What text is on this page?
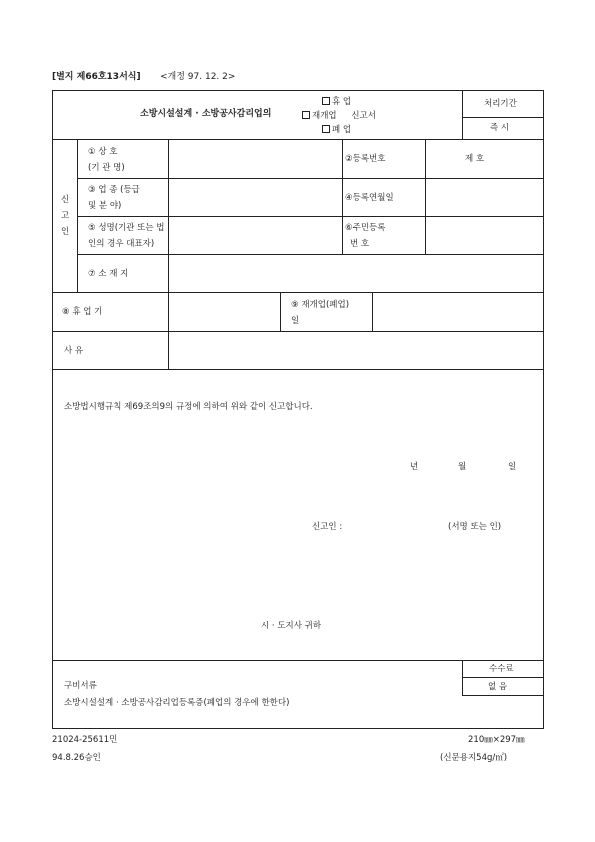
[별지 제66호13서식] <개정 97. 12. 2>
소방시설설계 · 소방공사감리업의
휴 업
재개업 신고서
폐 업
처리기간
즉 시
신
고
인
① 상 호
(기 관 명)
②등록번호	제 호
③ 업 종 (등급
및 분 야)
④등록연월일
⑤ 성명(기관 또는 법
인의 경우 대표자)
⑥주민등록
번 호
⑦ 소 재 지
⑧ 휴 업 기
⑨ 재개업(폐업)
일
사 유
소방법시행규칙 제69조의9의 규정에 의하여 위와 같이 신고합니다.
년	월	일
신고인 :	(서명 또는 인)
시 · 도지사 귀하
수수료
없 음
구비서류
소방시설설계 · 소방공사감리업등록증(폐업의 경우에 한한다)
21024-25611민
94.8.26승인
210㎜×297㎜
(신문용지54g/㎡)
